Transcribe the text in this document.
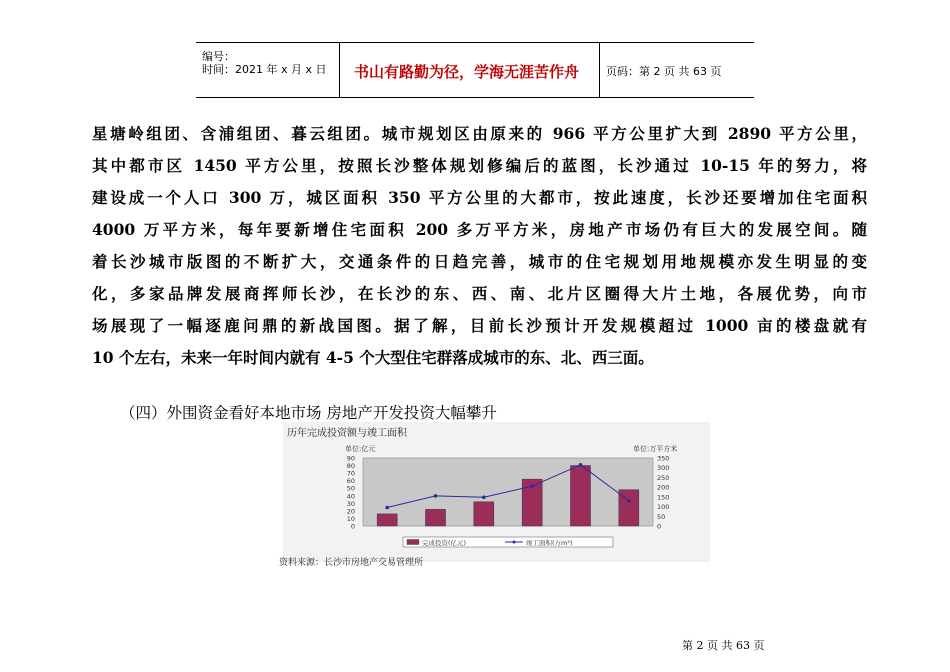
编号：
时间：2021 年 x 月 x 日	书山有路勤为径，学海无涯苦作舟	页码：第 2 页 共 63 页
星塘岭组团、含浦组团、暮云组团。城市规划区由原来的 966 平方公里扩大到 2890 平方公里，
其中都市区 1450 平方公里，按照长沙整体规划修编后的蓝图，长沙通过 10-15 年的努力，将
建设成一个人口 300 万，城区面积 350 平方公里的大都市，按此速度，长沙还要增加住宅面积
4000 万平方米，每年要新增住宅面积 200 多万平方米，房地产市场仍有巨大的发展空间。随
着长沙城市版图的不断扩大，交通条件的日趋完善，城市的住宅规划用地规模亦发生明显的变
化，多家品牌发展商挥师长沙，在长沙的东、西、南、北片区圈得大片土地，各展优势，向市
场展现了一幅逐鹿问鼎的新战国图。据了解，目前长沙预计开发规模超过 1000 亩的楼盘就有
10 个左右，未来一年时间内就有 4-5 个大型住宅群落成城市的东、北、西三面。
（四）外围资金看好本地市场 房地产开发投资大幅攀升
单位:亿元	单位:万平方米
90
80
70
60
50
40
30
20
10
0
350
300
250
200
150
100
50
0
完成投资(亿元)	竣工面积(万m²)
历年完成投资额与竣工面积
资料来源：长沙市房地产交易管理所
第 2 页 共 63 页
